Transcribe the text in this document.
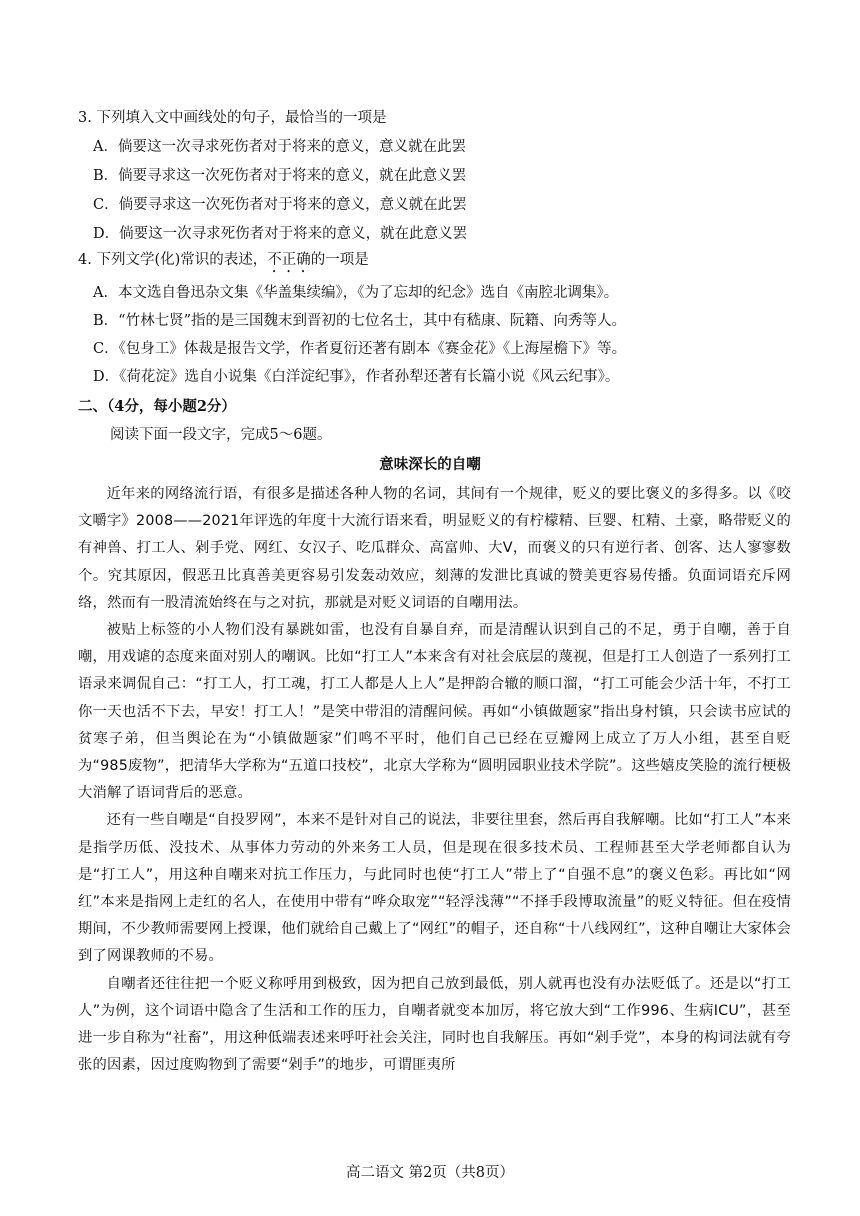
3. 下列填入文中画线处的句子，最恰当的一项是
A．倘要这一次寻求死伤者对于将来的意义，意义就在此罢
B．倘要寻求这一次死伤者对于将来的意义，就在此意义罢
C．倘要寻求这一次死伤者对于将来的意义，意义就在此罢
D．倘要这一次寻求死伤者对于将来的意义，就在此意义罢
4. 下列文学(化)常识的表述，不正确的一项是
A．本文选自鲁迅杂文集《华盖集续编》，《为了忘却的纪念》选自《南腔北调集》。
B．“竹林七贤”指的是三国魏末到晋初的七位名士，其中有嵇康、阮籍、向秀等人。
C．《包身工》体裁是报告文学，作者夏衍还著有剧本《赛金花》《上海屋檐下》等。
D．《荷花淀》选自小说集《白洋淀纪事》，作者孙犁还著有长篇小说《风云纪事》。
二、（4分，每小题2分）
阅读下面一段文字，完成5～6题。
意味深长的自嘲

近年来的网络流行语，有很多是描述各种人物的名词，其间有一个规律，贬义的要比褒义的多得多。以《咬文嚼字》2008——2021年评选的年度十大流行语来看，明显贬义的有柠檬精、巨婴、杠精、土豪，略带贬义的有神兽、打工人、剁手党、网红、女汉子、吃瓜群众、高富帅、大V，而褒义的只有逆行者、创客、达人寥寥数个。究其原因，假恶丑比真善美更容易引发轰动效应，刻薄的发泄比真诚的赞美更容易传播。负面词语充斥网络，然而有一股清流始终在与之对抗，那就是对贬义词语的自嘲用法。

被贴上标签的小人物们没有暴跳如雷，也没有自暴自弃，而是清醒认识到自己的不足，勇于自嘲，善于自嘲，用戏谑的态度来面对别人的嘲讽。比如“打工人”本来含有对社会底层的蔑视，但是打工人创造了一系列打工语录来调侃自己：“打工人，打工魂，打工人都是人上人”是押韵合辙的顺口溜，“打工可能会少活十年，不打工你一天也活不下去，早安！打工人！”是笑中带泪的清醒问候。再如“小镇做题家”指出身村镇，只会读书应试的贫寒子弟，但当舆论在为“小镇做题家”们鸣不平时，他们自己已经在豆瓣网上成立了万人小组，甚至自贬为“985废物”，把清华大学称为“五道口技校”，北京大学称为“圆明园职业技术学院”。这些嬉皮笑脸的流行梗极大消解了语词背后的恶意。

还有一些自嘲是“自投罗网”，本来不是针对自己的说法，非要往里套，然后再自我解嘲。比如“打工人”本来是指学历低、没技术、从事体力劳动的外来务工人员，但是现在很多技术员、工程师甚至大学老师都自认为是“打工人”，用这种自嘲来对抗工作压力，与此同时也使“打工人”带上了“自强不息”的褒义色彩。再比如“网红”本来是指网上走红的名人，在使用中带有“哗众取宠”“轻浮浅薄”“不择手段博取流量”的贬义特征。但在疫情期间，不少教师需要网上授课，他们就给自己戴上了“网红”的帽子，还自称“十八线网红”，这种自嘲让大家体会到了网课教师的不易。

自嘲者还往往把一个贬义称呼用到极致，因为把自己放到最低，别人就再也没有办法贬低了。还是以“打工人”为例，这个词语中隐含了生活和工作的压力，自嘲者就变本加厉，将它放大到“工作996、生病ICU”，甚至进一步自称为“社畜”，用这种低端表述来呼吁社会关注，同时也自我解压。再如“剁手党”，本身的构词法就有夸张的因素，因过度购物到了需要“剁手”的地步，可谓匪夷所

高二语文 第2页（共8页）
